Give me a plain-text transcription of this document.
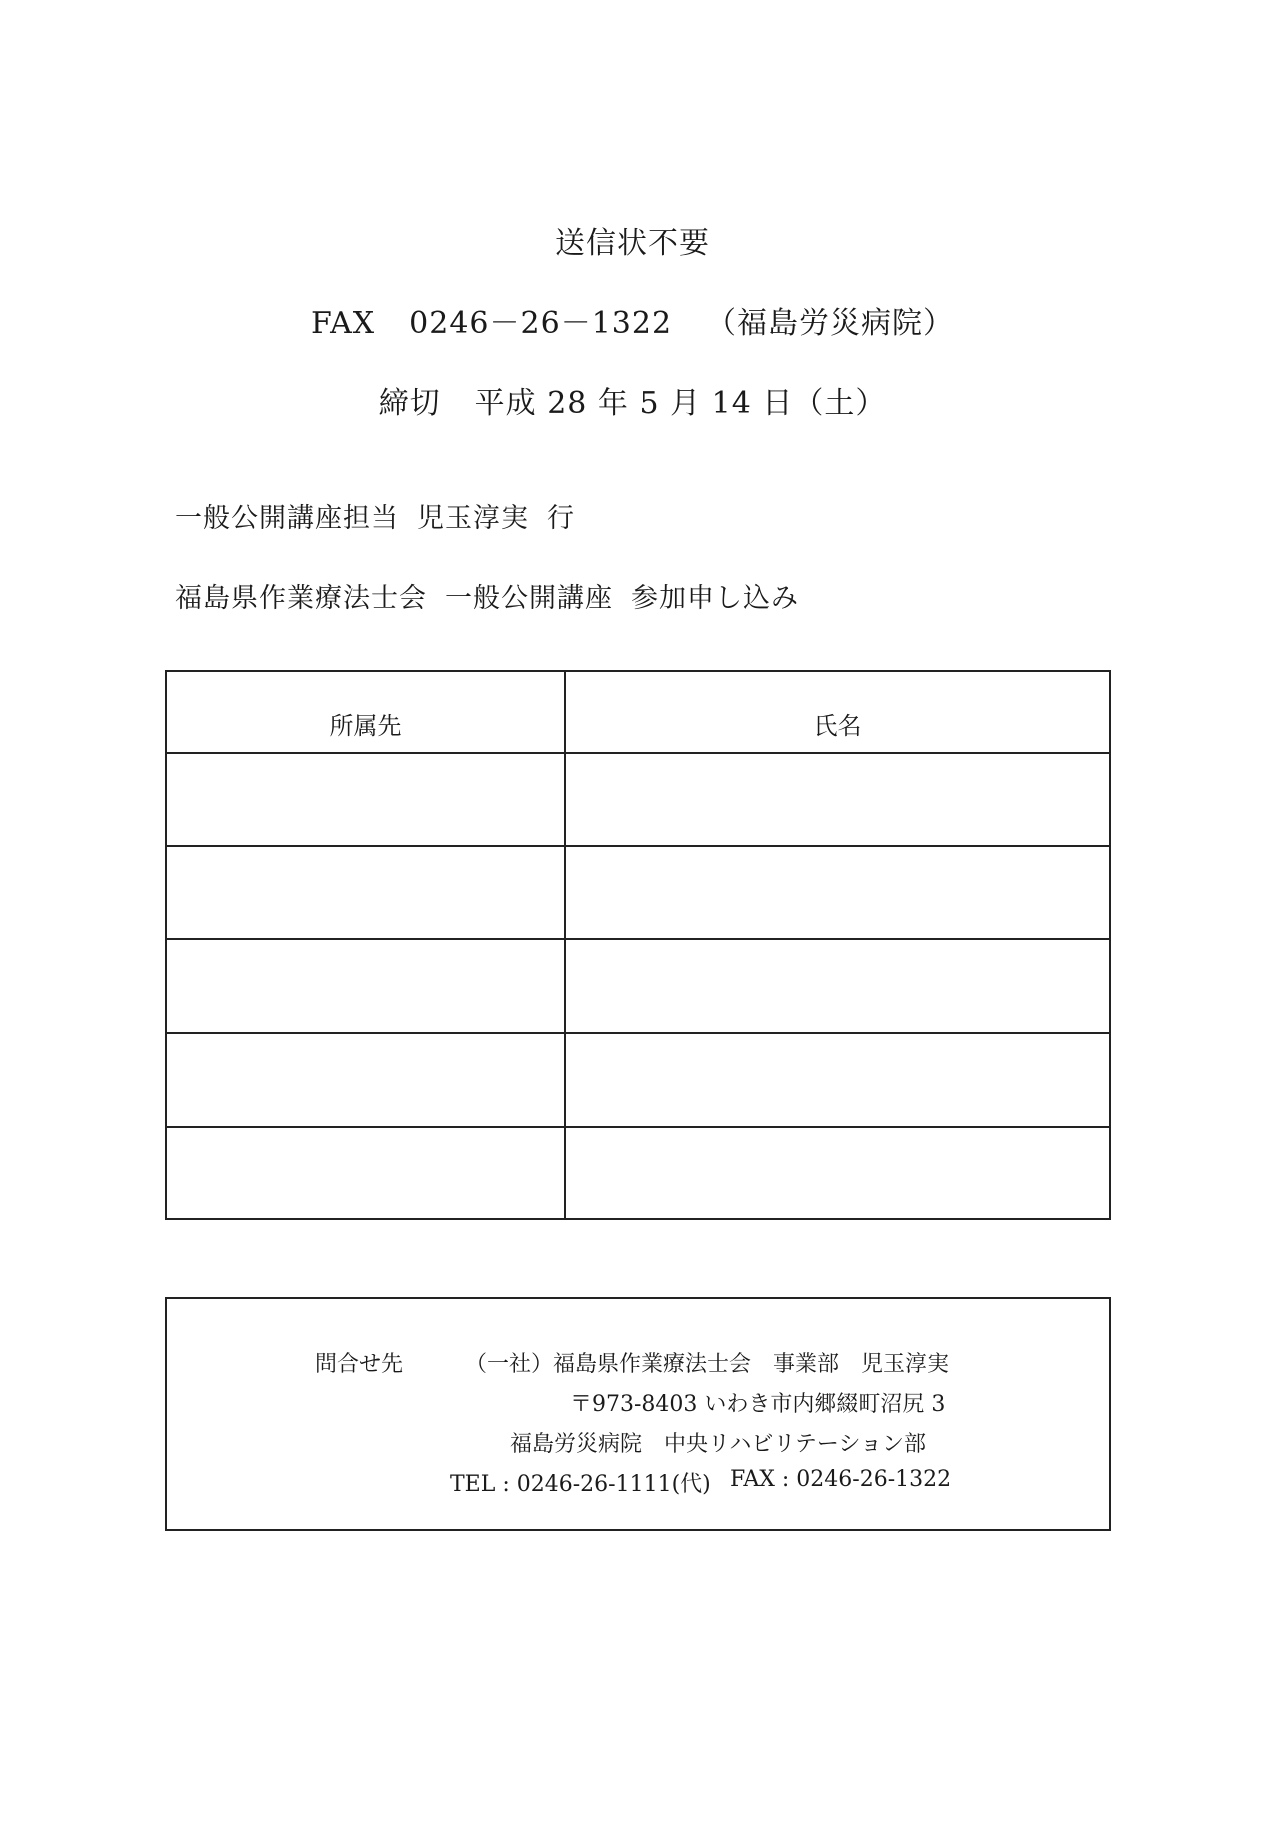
送信状不要
FAX 0246－26－1322 （福島労災病院）
締切 平成 28 年 5 月 14 日（土）
一般公開講座担当 児玉淳実 行
福島県作業療法士会 一般公開講座 参加申し込み
所属先	氏名
問合せ先	（一社）福島県作業療法士会　事業部　児玉淳実
〒973-8403 いわき市内郷綴町沼尻 3
福島労災病院　中央リハビリテーション部
TEL : 0246-26-1111(代) FAX : 0246-26-1322
